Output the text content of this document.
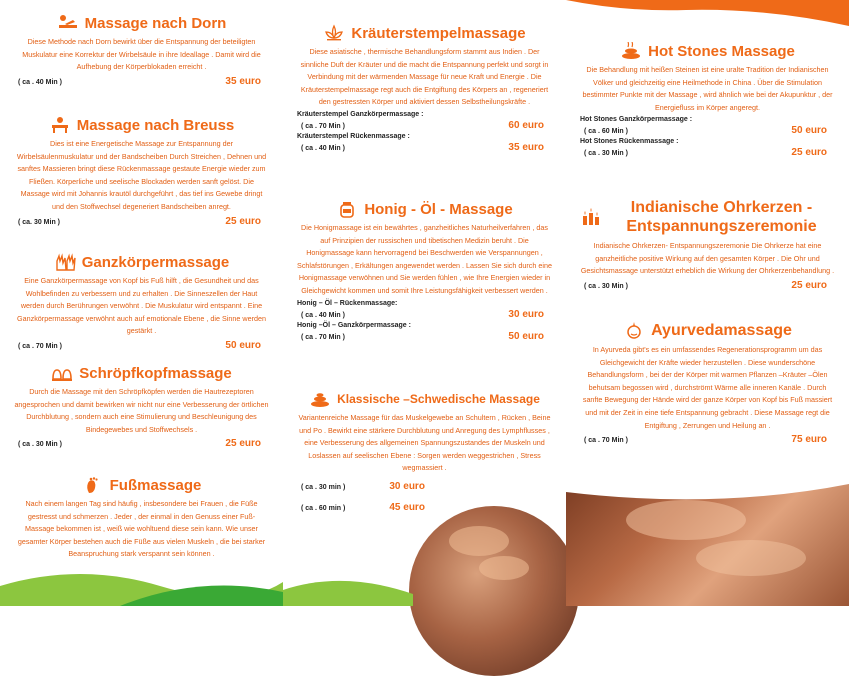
Massage nach Dorn
Diese Methode nach Dorn bewirkt über die Entspannung der beteiligten Muskulatur eine Korrektur der Wirbelsäule in ihre Ideallage . Damit wird die Aufhebung der Körperblokaden erreicht .
( ca . 40 Min )	35 euro
Massage nach Breuss
Dies ist eine Energetische Massage zur Entspannung der Wirbelsäulenmuskulatur und der Bandscheiben Durch Streichen , Dehnen und sanftes Massieren bringt diese Rückenmassage gestaute Energie wieder zum Fließen. Körperliche und seelische Blockaden werden sanft gelöst. Die Massage wird mit Johannis krautöl durchgeführt , das tief ins Gewebe dringt und den Stoffwechsel degeneriert Bandscheiben anregt.
( ca. 30 Min )	25 euro
Ganzkörpermassage
Eine Ganzkörpermassage von Kopf bis Fuß hilft , die Gesundheit und das Wohlbefinden zu verbessern und zu erhalten . Die Sinneszellen der Haut werden durch Berührungen verwöhnt . Die Muskulatur wird entspannt . Eine Ganzkörpermassage verwöhnt auch auf emotionale Ebene , die Sinne werden gestärkt .
( ca . 70 Min )	50 euro
Schröpfkopfmassage
Durch die Massage mit den Schröpfköpfen werden die Hautrezeptoren angesprochen und damit bewirken wir nicht nur eine Verbesserung der örtlichen Durchblutung , sondern auch eine Stimulierung und Beschleunigung des Bindegewebes und Stoffwechsels .
( ca . 30 Min )	25 euro
Fußmassage
Nach einem langen Tag sind häufig , insbesondere bei Frauen , die Füße gestresst und schmerzen . Jeder , der einmal in den Genuss einer Fuß- Massage bekommen ist , weiß wie wohltuend diese sein kann. Wie unser gesamter Körper bestehen auch die Füße aus vielen Muskeln , die bei starker Beanspruchung stark verspannt sein können .
Kräuterstempelmassage
Diese asiatische , thermische Behandlungsform stammt aus Indien . Der sinnliche Duft der Kräuter und die macht die Entspannung perfekt und sorgt in Verbindung mit der wärmenden Massage für neue Kraft und Energie . Die Kräuterstempelmassage regt auch die Entgiftung des Körpers an , regeneriert den gestressten Körper und aktiviert dessen Selbstheilungskräfte .
Kräuterstempel Ganzkörpermassage :
( ca . 70 Min )	60 euro
Kräuterstempel Rückenmassage :
( ca . 40 Min )	35 euro
Honig - Öl - Massage
Die Honigmassage ist ein bewährtes , ganzheitliches Naturheilverfahren , das auf Prinzipien der russischen und tibetischen Medizin beruht . Die Honigmassage kann hervorragend bei Beschwerden wie Verspannungen , Schlafstörungen , Erkältungen angewendet werden . Lassen Sie sich durch eine Honigmassage verwöhnen und Sie werden fühlen , wie Ihre Energien wieder in Gleichgewicht kommen und somit Ihre Leistungsfähigkeit verbessert werden .
Honig – Öl – Rückenmassage:
( ca . 40 Min )	30 euro
Honig –Öl – Ganzkörpermassage :
( ca . 70 Min )	50 euro
Klassische –Schwedische Massage
Variantenreiche Massage für das Muskelgewebe an Schultern , Rücken , Beine und Po . Bewirkt eine stärkere Durchblutung und Anregung des Lymphflusses , eine Verbesserung des allgemeinen Spannungszustandes der Muskeln und Loslassen auf seelischen Ebene : Sorgen werden weggestrichen , Stress wegmassiert .
( ca . 30 min )	30 euro
( ca . 60 min )	45 euro
Hot Stones Massage
Die Behandlung mit heißen Steinen ist eine uralte Tradition der Indianischen Völker und gleichzeitig eine Heilmethode in China . Über die Stimulation bestimmter Punkte mit der Massage , wird ähnlich wie bei der Akupunktur , der Energiefluss im Körper angeregt.
Hot Stones Ganzkörpermassage :
( ca . 60 Min )	50 euro
Hot Stones Rückenmassage :
( ca . 30 Min )	25 euro
Indianische Ohrkerzen - Entspannungszeremonie
Indianische Ohrkerzen- Entspannungszeremonie Die Ohrkerze hat eine ganzheitliche positive Wirkung auf den gesamten Körper . Die Ohr und Gesichtsmassage unterstützt erheblich die Wirkung der Ohrkerzenbehandlung .
( ca . 30 Min )	25 euro
Ayurvedamassage
In Ayurveda gibt's es ein umfassendes Regenerationsprogramm um das Gleichgewicht der Kräfte wieder herzustellen . Diese wunderschöne Behandlungsform , bei der der Körper mit warmen Pflanzen –Kräuter –Ölen behutsam begossen wird , durchströmt Wärme alle inneren Kanäle . Durch sanfte Bewegung der Hände wird der ganze Körper von Kopf bis Fuß massiert und mit der Zeit in eine tiefe Entspannung gebracht . Diese Massage regt die Entgiftung , Zerrungen und Heilung an .
( ca . 70 Min )	75 euro
